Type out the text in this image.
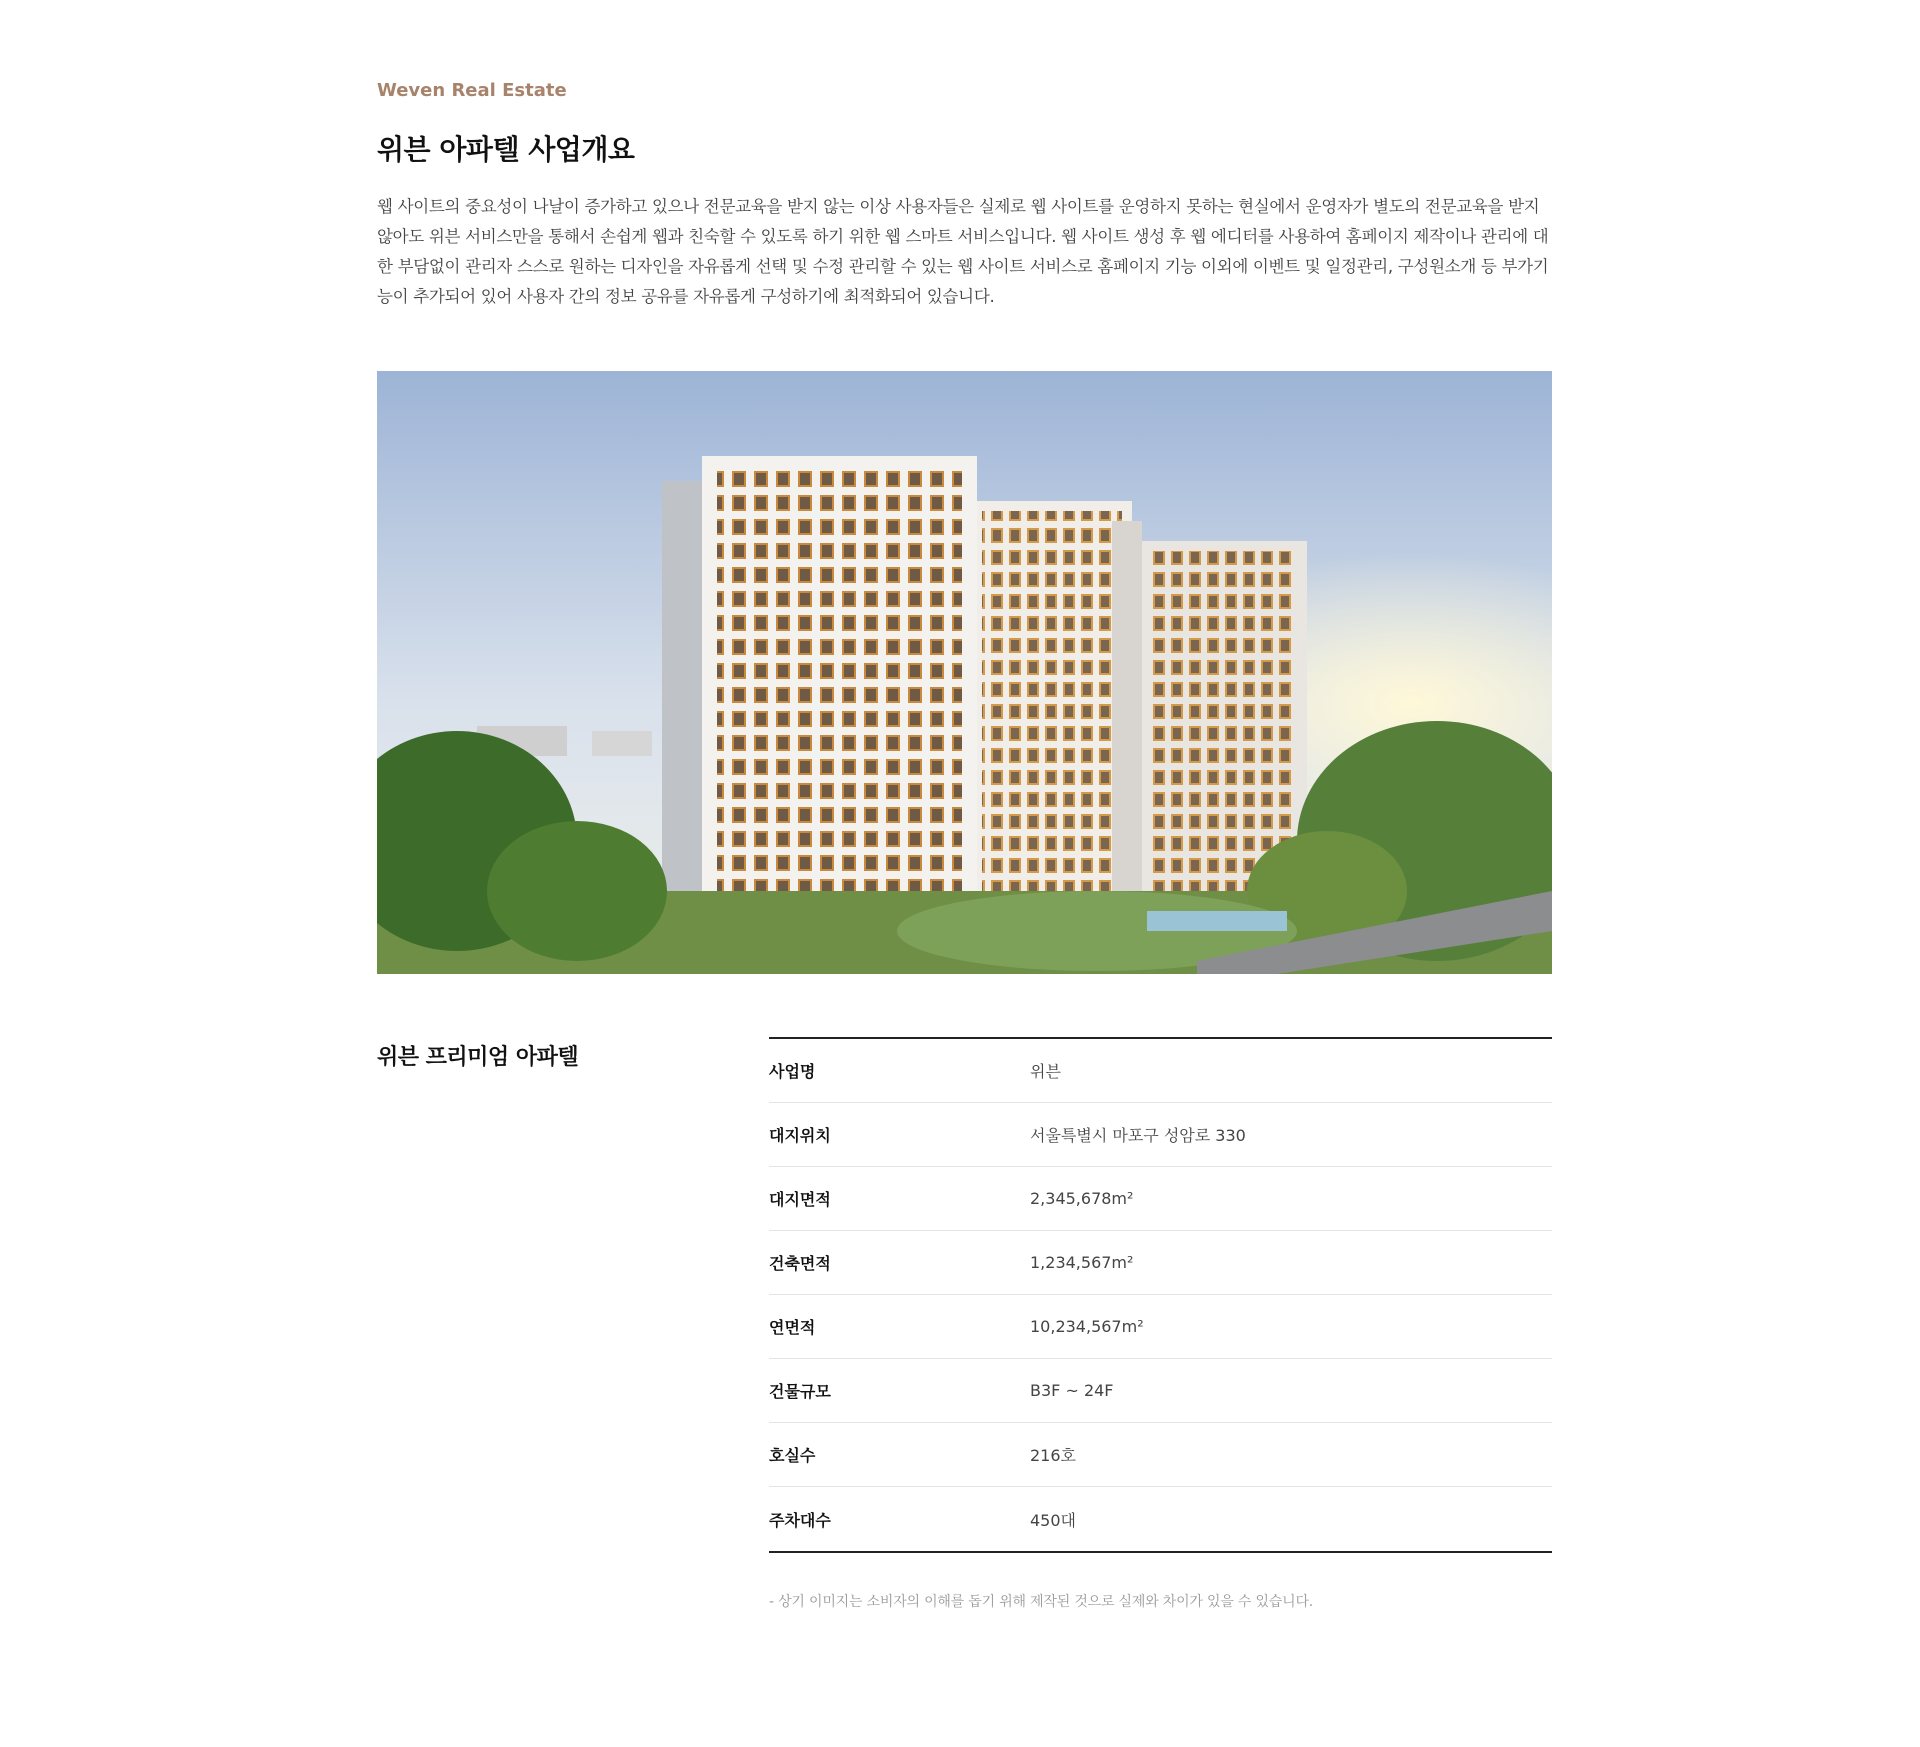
Weven Real Estate
위븐 아파텔 사업개요

웹 사이트의 중요성이 나날이 증가하고 있으나 전문교육을 받지 않는 이상 사용자들은 실제로 웹 사이트를 운영하지 못하는 현실에서 운영자가 별도의 전문교육을 받지 않아도 위븐 서비스만을 통해서 손쉽게 웹과 친숙할 수 있도록 하기 위한 웹 스마트 서비스입니다. 웹 사이트 생성 후 웹 에디터를 사용하여 홈페이지 제작이나 관리에 대한 부담없이 관리자 스스로 원하는 디자인을 자유롭게 선택 및 수정 관리할 수 있는 웹 사이트 서비스로 홈페이지 기능 이외에 이벤트 및 일정관리, 구성원소개 등 부가기능이 추가되어 있어 사용자 간의 정보 공유를 자유롭게 구성하기에 최적화되어 있습니다.

위븐 프리미엄 아파텔
사업명	위븐
대지위치	서울특별시 마포구 성암로 330
대지면적	2,345,678m²
건축면적	1,234,567m²
연면적	10,234,567m²
건물규모	B3F ~ 24F
호실수	216호
주차대수	450대

- 상기 이미지는 소비자의 이해를 돕기 위해 제작된 것으로 실제와 차이가 있을 수 있습니다.
